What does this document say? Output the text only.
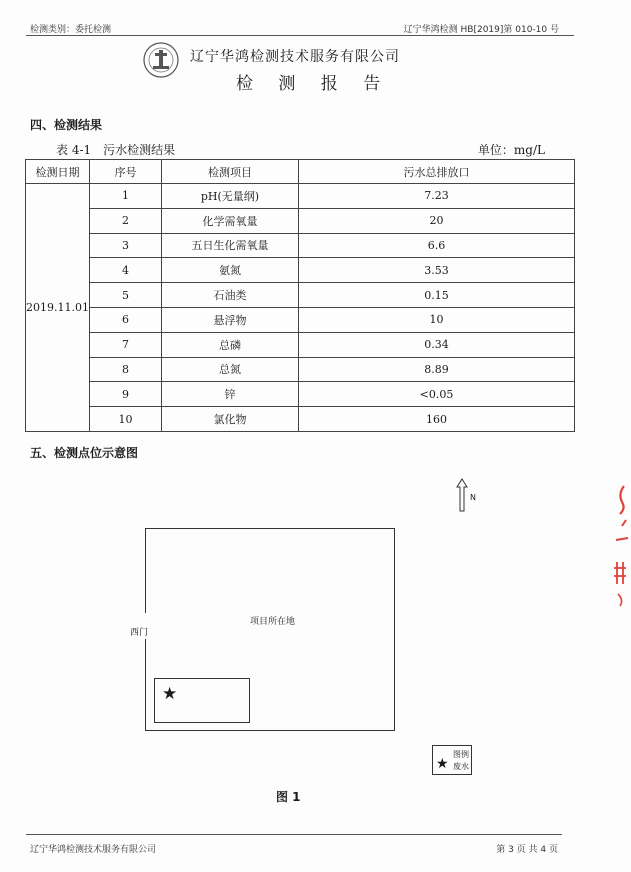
检测类别：委托检测	辽宁华鸿检测 HB[2019]第 010-10 号
辽宁华鸿检测技术服务有限公司
检 测 报 告
四、检测结果
表 4-1 污水检测结果	单位：mg/L
检测日期	序号	检测项目	污水总排放口
2019.11.01	1	pH(无量纲)	7.23
	2	化学需氧量	20
	3	五日生化需氧量	6.6
	4	氨氮	3.53
	5	石油类	0.15
	6	悬浮物	10
	7	总磷	0.34
	8	总氮	8.89
	9	锌	<0.05
	10	氯化物	160
五、检测点位示意图
N
西门
项目所在地
★
图例
★ 废水
图 1
辽宁华鸿检测技术服务有限公司	第 3 页 共 4 页
